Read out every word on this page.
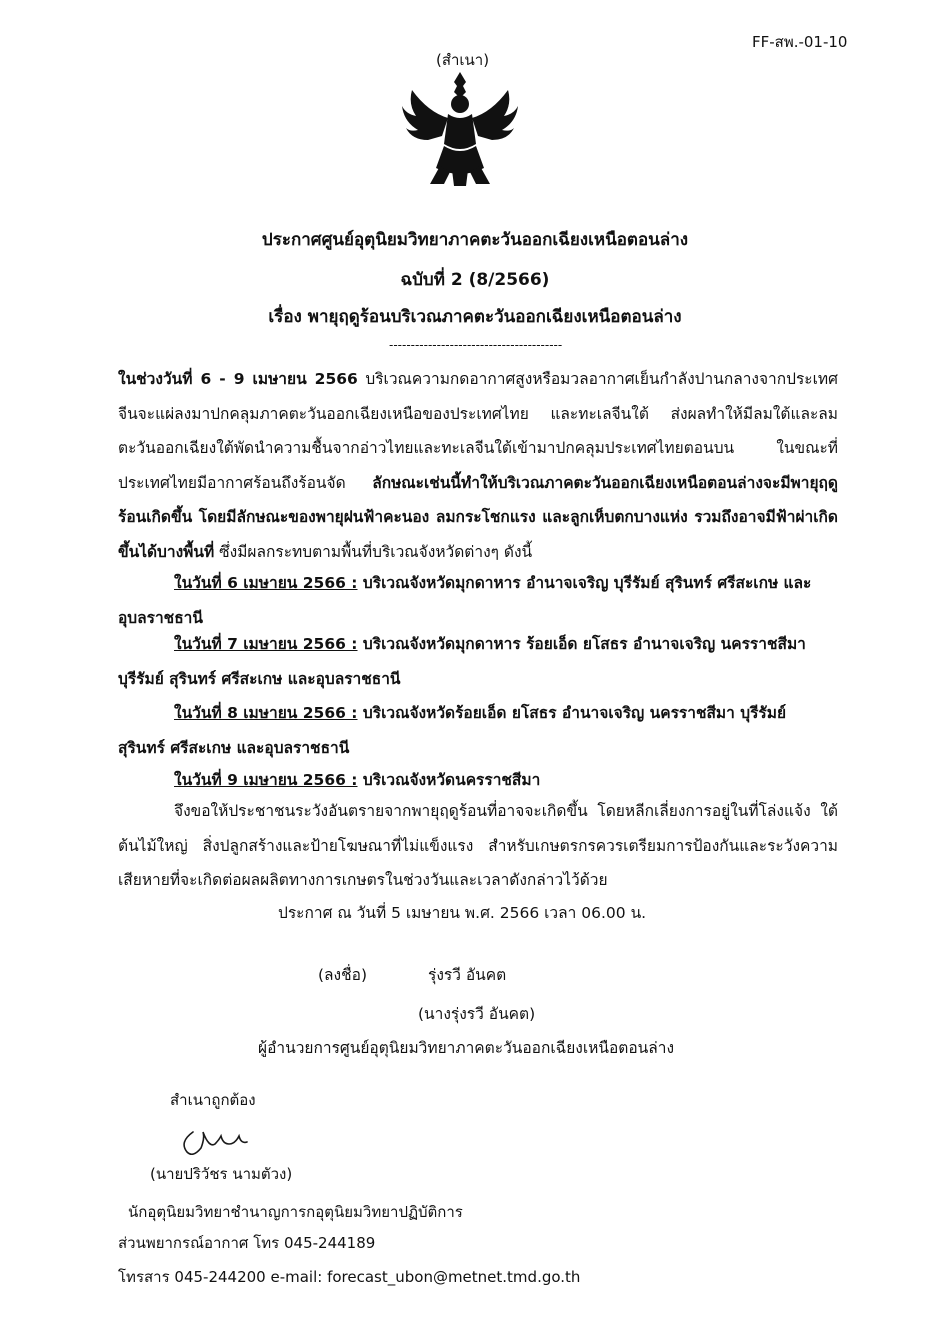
FF-สพ.-01-10
(สำเนา)
ประกาศศูนย์อุตุนิยมวิทยาภาคตะวันออกเฉียงเหนือตอนล่าง
ฉบับที่ 2 (8/2566)
เรื่อง พายุฤดูร้อนบริเวณภาคตะวันออกเฉียงเหนือตอนล่าง
----------------------------------------
ในช่วงวันที่ 6 - 9 เมษายน 2566 บริเวณความกดอากาศสูงหรือมวลอากาศเย็นกำลังปานกลางจากประเทศจีนจะแผ่ลงมาปกคลุมภาคตะวันออกเฉียงเหนือของประเทศไทย และทะเลจีนใต้ ส่งผลทำให้มีลมใต้และลมตะวันออกเฉียงใต้พัดนำความชื้นจากอ่าวไทยและทะเลจีนใต้เข้ามาปกคลุมประเทศไทยตอนบน ในขณะที่ประเทศไทยมีอากาศร้อนถึงร้อนจัด ลักษณะเช่นนี้ทำให้บริเวณภาคตะวันออกเฉียงเหนือตอนล่างจะมีพายุฤดูร้อนเกิดขึ้น โดยมีลักษณะของพายุฝนฟ้าคะนอง ลมกระโชกแรง และลูกเห็บตกบางแห่ง รวมถึงอาจมีฟ้าผ่าเกิดขึ้นได้บางพื้นที่ ซึ่งมีผลกระทบตามพื้นที่บริเวณจังหวัดต่างๆ ดังนี้
ในวันที่ 6 เมษายน 2566 : บริเวณจังหวัดมุกดาหาร อำนาจเจริญ บุรีรัมย์ สุรินทร์ ศรีสะเกษ และอุบลราชธานี
ในวันที่ 7 เมษายน 2566 : บริเวณจังหวัดมุกดาหาร ร้อยเอ็ด ยโสธร อำนาจเจริญ นครราชสีมา บุรีรัมย์ สุรินทร์ ศรีสะเกษ และอุบลราชธานี
ในวันที่ 8 เมษายน 2566 : บริเวณจังหวัดร้อยเอ็ด ยโสธร อำนาจเจริญ นครราชสีมา บุรีรัมย์ สุรินทร์ ศรีสะเกษ และอุบลราชธานี
ในวันที่ 9 เมษายน 2566 : บริเวณจังหวัดนครราชสีมา
จึงขอให้ประชาชนระวังอันตรายจากพายุฤดูร้อนที่อาจจะเกิดขึ้น โดยหลีกเลี่ยงการอยู่ในที่โล่งแจ้ง ใต้ต้นไม้ใหญ่ สิ่งปลูกสร้างและป้ายโฆษณาที่ไม่แข็งแรง สำหรับเกษตรกรควรเตรียมการป้องกันและระวังความเสียหายที่จะเกิดต่อผลผลิตทางการเกษตรในช่วงวันและเวลาดังกล่าวไว้ด้วย
ประกาศ ณ วันที่ 5 เมษายน พ.ศ. 2566 เวลา 06.00 น.
(ลงชื่อ)	รุ่งรวี อันคต
(นางรุ่งรวี อันคต)
ผู้อำนวยการศูนย์อุตุนิยมวิทยาภาคตะวันออกเฉียงเหนือตอนล่าง
สำเนาถูกต้อง
(นายปริวัชร นามตัวง)
นักอุตุนิยมวิทยาชำนาญการกอุตุนิยมวิทยาปฏิบัติการ
ส่วนพยากรณ์อากาศ โทร 045-244189
โทรสาร 045-244200 e-mail: forecast_ubon@metnet.tmd.go.th
